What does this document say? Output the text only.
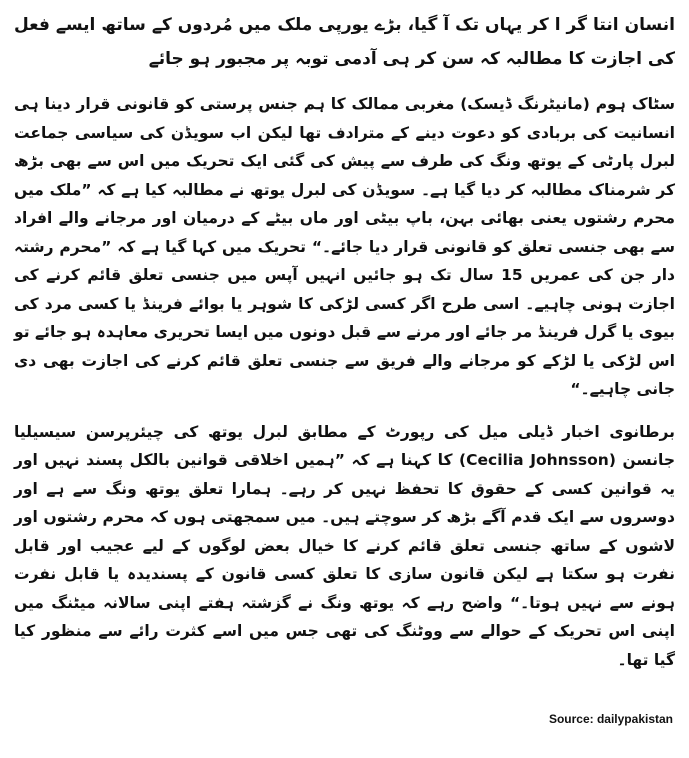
انسان انتا گر ا کر یہاں تک آ گیا، بڑے یورپی ملک میں مُردوں کے ساتھ ایسے فعل کی اجازت کا مطالبہ کہ سن کر ہی آدمی توبہ پر مجبور ہو جائے

سٹاک ہوم (مانیٹرنگ ڈیسک) مغربی ممالک کا ہم جنس پرستی کو قانونی قرار دینا ہی انسانیت کی بربادی کو دعوت دینے کے مترادف تھا لیکن اب سویڈن کی سیاسی جماعت لبرل پارٹی کے یوتھ ونگ کی طرف سے پیش کی گئی ایک تحریک میں اس سے بھی بڑھ کر شرمناک مطالبہ کر دیا گیا ہے۔ سویڈن کی لبرل یوتھ نے مطالبہ کیا ہے کہ ”ملک میں محرم رشتوں یعنی بھائی بہن، باپ بیٹی اور ماں بیٹے کے درمیان اور مرجانے والے افراد سے بھی جنسی تعلق کو قانونی قرار دیا جائے۔“ تحریک میں کہا گیا ہے کہ ”محرم رشتہ دار جن کی عمریں 15 سال تک ہو جائیں انہیں آپس میں جنسی تعلق قائم کرنے کی اجازت ہونی چاہیے۔ اسی طرح اگر کسی لڑکی کا شوہر یا بوائے فرینڈ یا کسی مرد کی بیوی یا گرل فرینڈ مر جائے اور مرنے سے قبل دونوں میں ایسا تحریری معاہدہ ہو جائے تو اس لڑکی یا لڑکے کو مرجانے والے فریق سے جنسی تعلق قائم کرنے کی اجازت بھی دی جانی چاہیے۔“

برطانوی اخبار ڈیلی میل کی رپورٹ کے مطابق لبرل یوتھ کی چیئرپرسن سیسیلیا جانسن (Cecilia Johnsson) کا کہنا ہے کہ ”ہمیں اخلاقی قوانین بالکل پسند نہیں اور یہ قوانین کسی کے حقوق کا تحفظ نہیں کر رہے۔ ہمارا تعلق یوتھ ونگ سے ہے اور دوسروں سے ایک قدم آگے بڑھ کر سوچتے ہیں۔ میں سمجھتی ہوں کہ محرم رشتوں اور لاشوں کے ساتھ جنسی تعلق قائم کرنے کا خیال بعض لوگوں کے لیے عجیب اور قابل نفرت ہو سکتا ہے لیکن قانون سازی کا تعلق کسی قانون کے پسندیدہ یا قابل نفرت ہونے سے نہیں ہوتا۔“ واضح رہے کہ یوتھ ونگ نے گزشتہ ہفتے اپنی سالانہ میٹنگ میں اپنی اس تحریک کے حوالے سے ووٹنگ کی تھی جس میں اسے کثرت رائے سے منظور کیا گیا تھا۔

Source: dailypakistan
